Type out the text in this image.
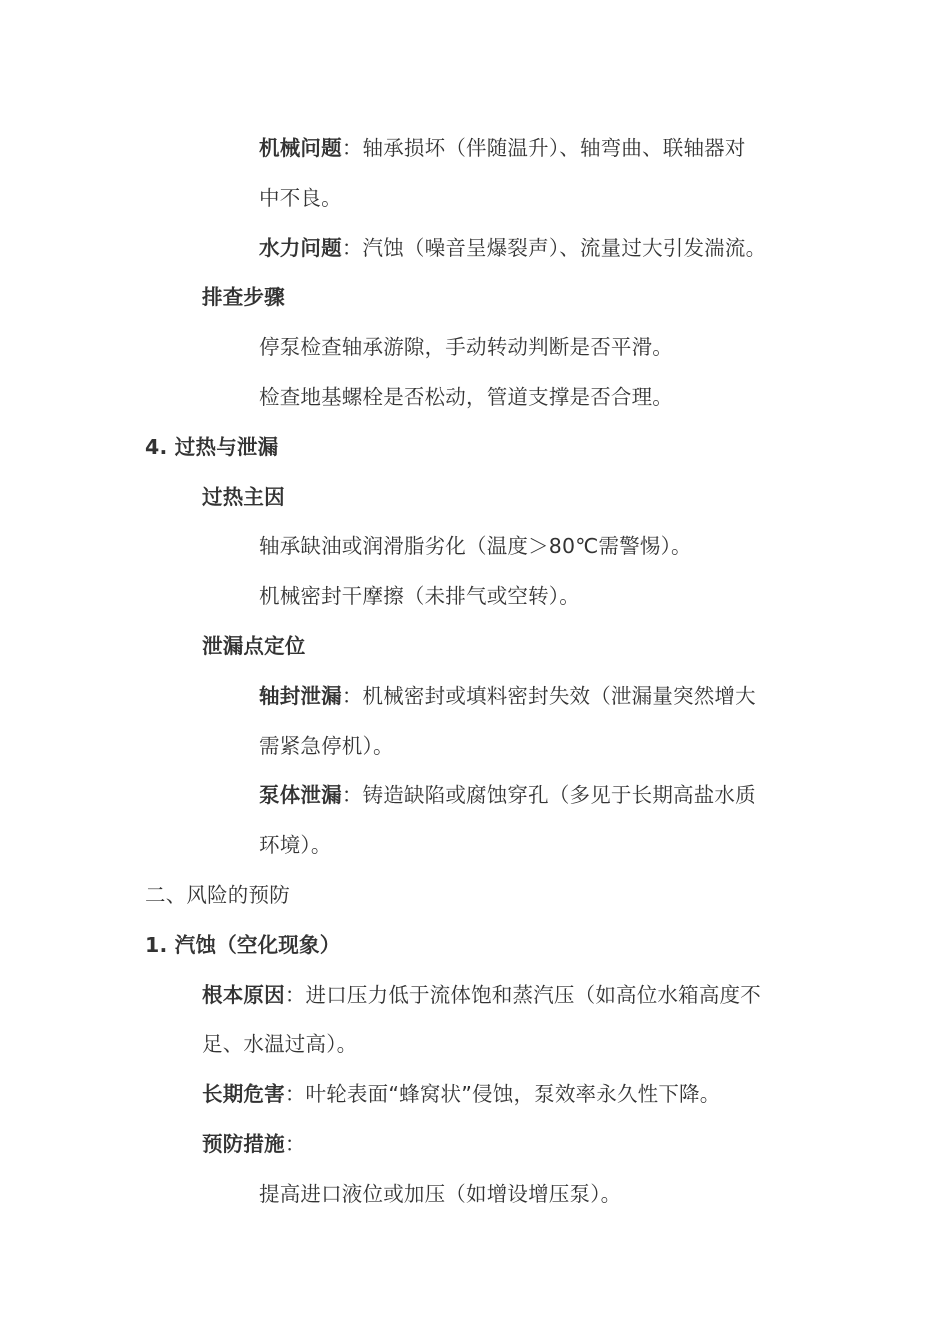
机械问题：轴承损坏（伴随温升）、轴弯曲、联轴器对
中不良。
水力问题：汽蚀（噪音呈爆裂声）、流量过大引发湍流。
排查步骤
停泵检查轴承游隙，手动转动判断是否平滑。
检查地基螺栓是否松动，管道支撑是否合理。
4. 过热与泄漏
过热主因
轴承缺油或润滑脂劣化（温度＞80℃需警惕）。
机械密封干摩擦（未排气或空转）。
泄漏点定位
轴封泄漏：机械密封或填料密封失效（泄漏量突然增大
需紧急停机）。
泵体泄漏：铸造缺陷或腐蚀穿孔（多见于长期高盐水质
环境）。
二、风险的预防
1. 汽蚀（空化现象）
根本原因：进口压力低于流体饱和蒸汽压（如高位水箱高度不
足、水温过高）。
长期危害：叶轮表面“蜂窝状”侵蚀，泵效率永久性下降。
预防措施：
提高进口液位或加压（如增设增压泵）。
